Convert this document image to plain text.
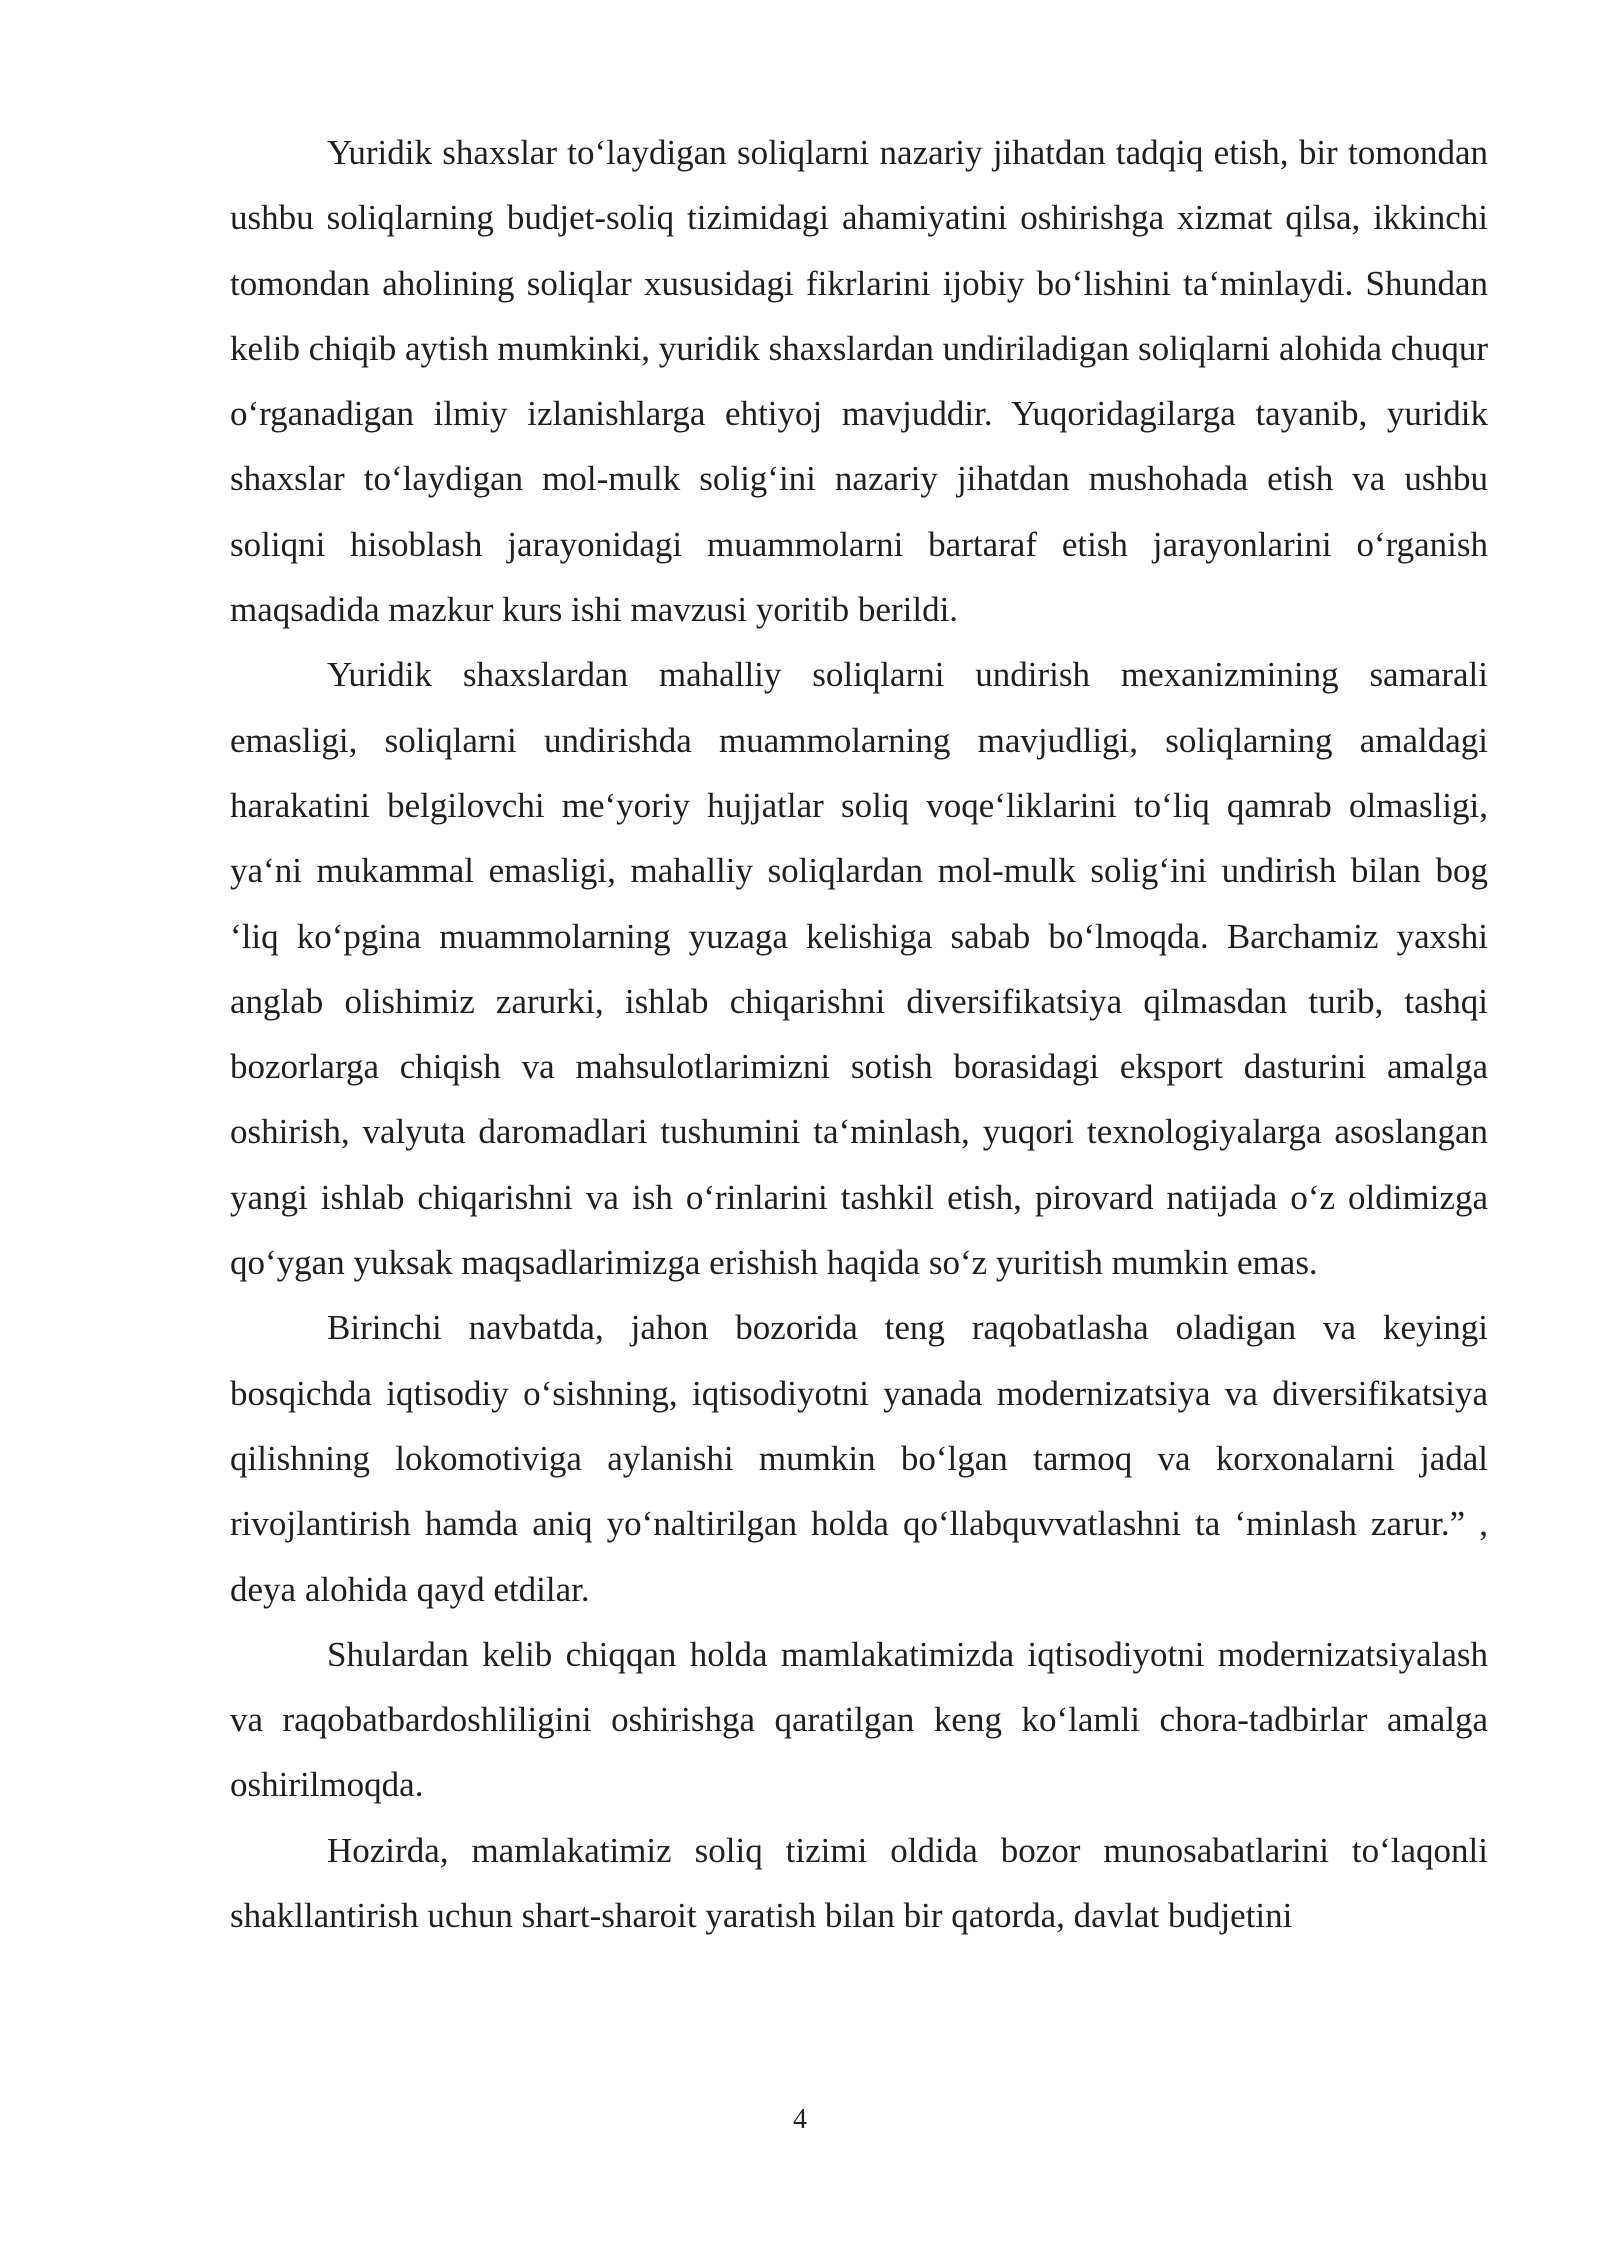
Yuridik shaxslar to‘laydigan soliqlarni nazariy jihatdan tadqiq etish, bir tomondan ushbu soliqlarning budjet-soliq tizimidagi ahamiyatini oshirishga xizmat qilsa, ikkinchi tomondan aholining soliqlar xususidagi fikrlarini ijobiy bo‘lishini ta‘minlaydi. Shundan kelib chiqib aytish mumkinki, yuridik shaxslardan undiriladigan soliqlarni alohida chuqur o‘rganadigan ilmiy izlanishlarga ehtiyoj mavjuddir. Yuqoridagilarga tayanib, yuridik shaxslar to‘laydigan mol-mulk solig‘ini nazariy jihatdan mushohada etish va ushbu soliqni hisoblash jarayonidagi muammolarni bartaraf etish jarayonlarini o‘rganish maqsadida mazkur kurs ishi mavzusi yoritib berildi.

Yuridik shaxslardan mahalliy soliqlarni undirish mexanizmining samarali emasligi, soliqlarni undirishda muammolarning mavjudligi, soliqlarning amaldagi harakatini belgilovchi me‘yoriy hujjatlar soliq voqe‘liklarini to‘liq qamrab olmasligi, ya‘ni mukammal emasligi, mahalliy soliqlardan mol-mulk solig‘ini undirish bilan bog ‘liq ko‘pgina muammolarning yuzaga kelishiga sabab bo‘lmoqda. Barchamiz yaxshi anglab olishimiz zarurki, ishlab chiqarishni diversifikatsiya qilmasdan turib, tashqi bozorlarga chiqish va mahsulotlarimizni sotish borasidagi eksport dasturini amalga oshirish, valyuta daromadlari tushumini ta‘minlash, yuqori texnologiyalarga asoslangan yangi ishlab chiqarishni va ish o‘rinlarini tashkil etish, pirovard natijada o‘z oldimizga qo‘ygan yuksak maqsadlarimizga erishish haqida so‘z yuritish mumkin emas.

Birinchi navbatda, jahon bozorida teng raqobatlasha oladigan va keyingi bosqichda iqtisodiy o‘sishning, iqtisodiyotni yanada modernizatsiya va diversifikatsiya qilishning lokomotiviga aylanishi mumkin bo‘lgan tarmoq va korxonalarni jadal rivojlantirish hamda aniq yo‘naltirilgan holda qo‘llabquvvatlashni ta ‘minlash zarur.” , deya alohida qayd etdilar.

Shulardan kelib chiqqan holda mamlakatimizda iqtisodiyotni modernizatsiyalash va raqobatbardoshliligini oshirishga qaratilgan keng ko‘lamli chora-tadbirlar amalga oshirilmoqda.

Hozirda, mamlakatimiz soliq tizimi oldida bozor munosabatlarini to‘laqonli shakllantirish uchun shart-sharoit yaratish bilan bir qatorda, davlat budjetini

4
